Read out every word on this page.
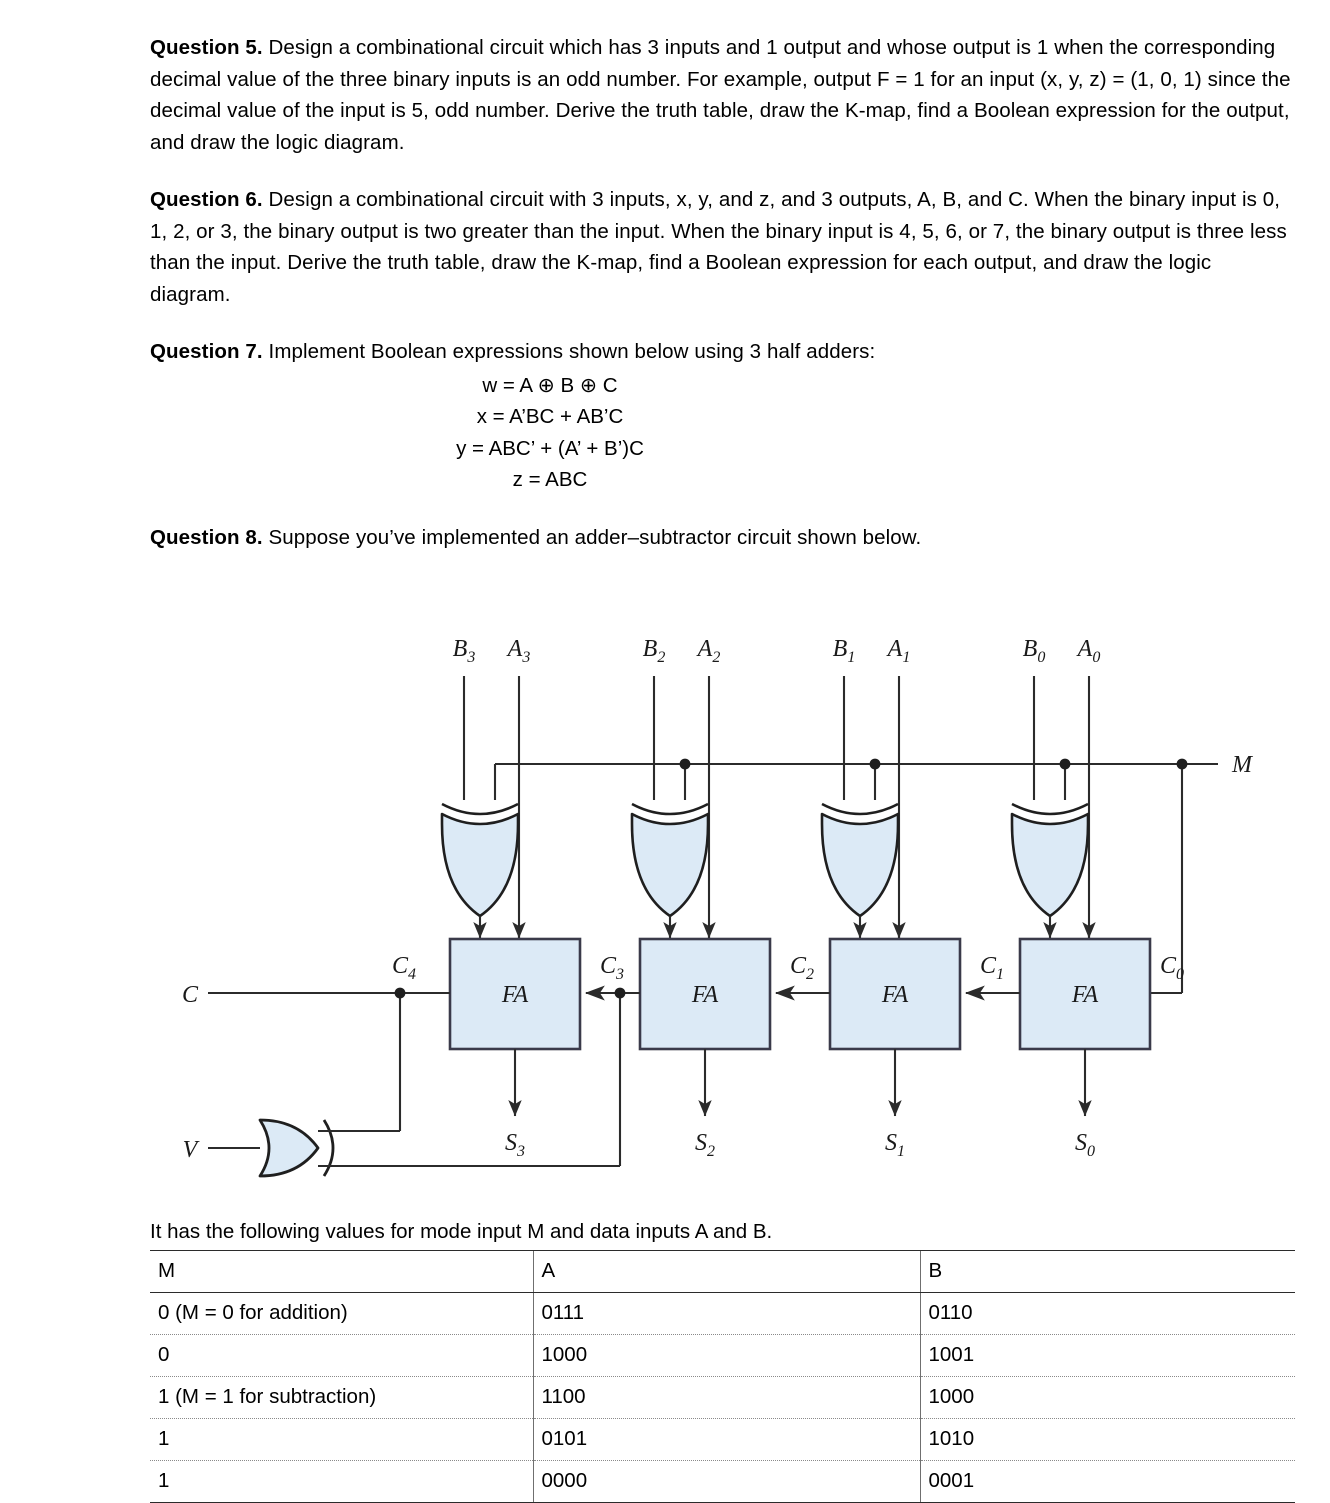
Question 5. Design a combinational circuit which has 3 inputs and 1 output and whose output is 1 when the corresponding decimal value of the three binary inputs is an odd number. For example, output F = 1 for an input (x, y, z) = (1, 0, 1) since the decimal value of the input is 5, odd number. Derive the truth table, draw the K-map, find a Boolean expression for the output, and draw the logic diagram.

Question 6. Design a combinational circuit with 3 inputs, x, y, and z, and 3 outputs, A, B, and C. When the binary input is 0, 1, 2, or 3, the binary output is two greater than the input. When the binary input is 4, 5, 6, or 7, the binary output is three less than the input. Derive the truth table, draw the K-map, find a Boolean expression for each output, and draw the logic diagram.

Question 7. Implement Boolean expressions shown below using 3 half adders:

w = A ⊕ B ⊕ C

x = A’BC + AB’C

y = ABC’ + (A’ + B’)C

z = ABC

Question 8. Suppose you’ve implemented an adder–subtractor circuit shown below.

$B_3$ $A_3$	$B_2$ $A_2$	$B_1$ $A_1$	$B_0$ $A_0$
M
FA	FA	FA	FA
C
V
$C_4$	$C_3$	$C_2$	$C_1$	$C_0$
$S_3$	$S_2$	$S_1$	$S_0$

It has the following values for mode input M and data inputs A and B.

M	A	B
0 (M = 0 for addition)	0111	0110
0	1000	1001
1 (M = 1 for subtraction)	1100	1000
1	0101	1010
1	0000	0001
